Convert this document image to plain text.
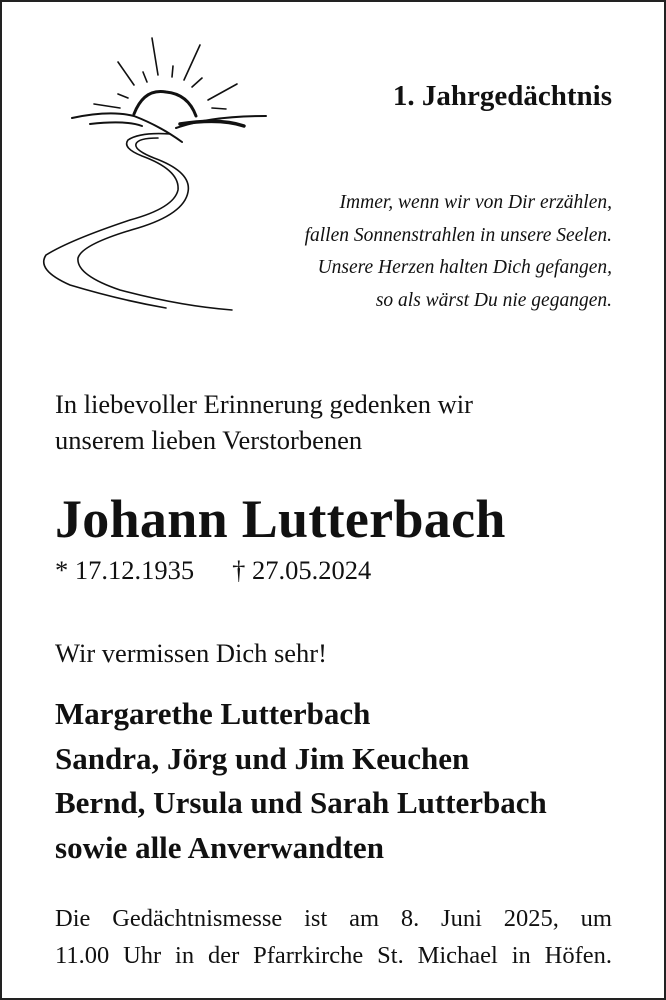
1. Jahrgedächtnis
Immer, wenn wir von Dir erzählen,
fallen Sonnenstrahlen in unsere Seelen.
Unsere Herzen halten Dich gefangen,
so als wärst Du nie gegangen.
In liebevoller Erinnerung gedenken wir
unserem lieben Verstorbenen
Johann Lutterbach
* 17.12.1935 † 27.05.2024
Wir vermissen Dich sehr!
Margarethe Lutterbach
Sandra, Jörg und Jim Keuchen
Bernd, Ursula und Sarah Lutterbach
sowie alle Anverwandten

Die Gedächtnismesse ist am 8. Juni 2025, um

11.00 Uhr in der Pfarrkirche St. Michael in Höfen.
